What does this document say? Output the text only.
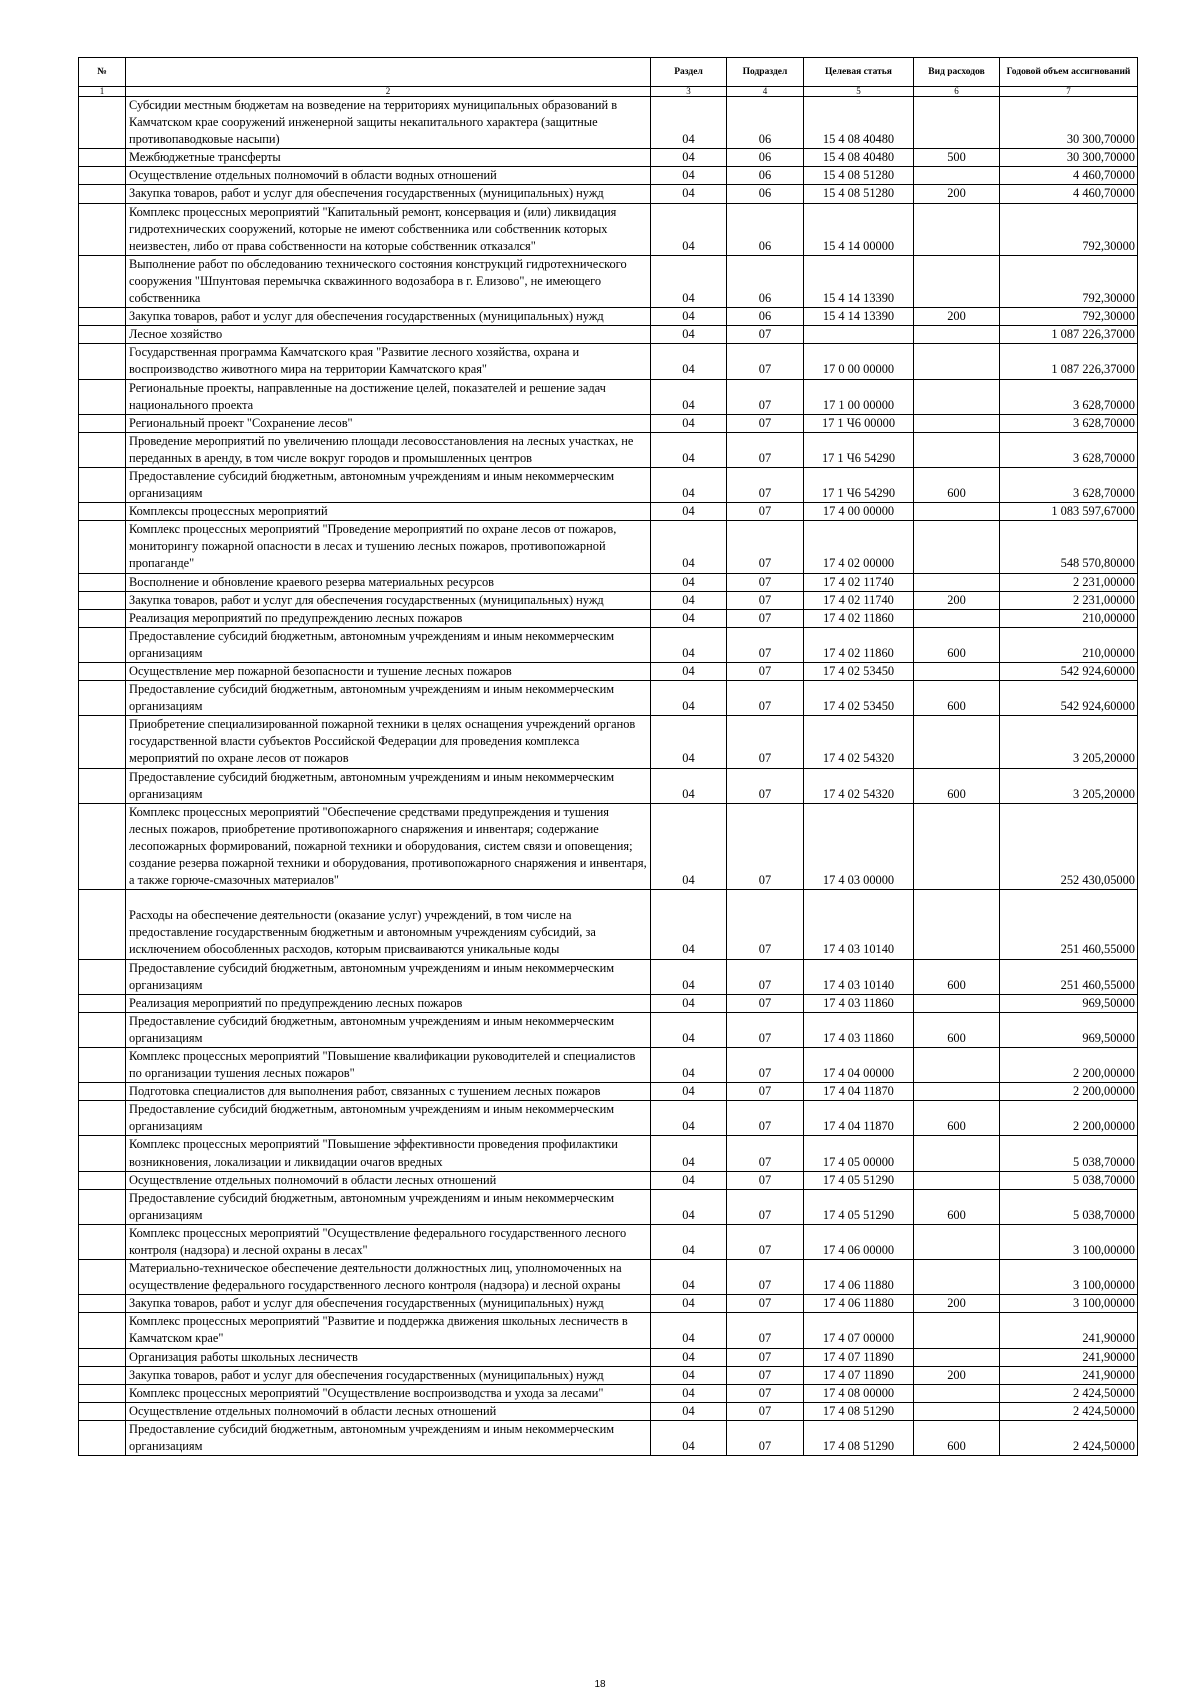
№		Раздел	Подраздел	Целевая статья	Вид расходов	Годовой объем ассигнований
1	2	3	4	5	6	7
	Субсидии местным бюджетам на возведение на территориях муниципальных образований в Камчатском крае сооружений инженерной защиты некапитального характера (защитные противопаводковые насыпи)	04	06	15 4 08 40480		30 300,70000
	Межбюджетные трансферты	04	06	15 4 08 40480	500	30 300,70000
	Осуществление отдельных полномочий в области водных отношений	04	06	15 4 08 51280		4 460,70000
	Закупка товаров, работ и услуг для обеспечения государственных (муниципальных) нужд	04	06	15 4 08 51280	200	4 460,70000
	Комплекс процессных мероприятий "Капитальный ремонт, консервация и (или) ликвидация гидротехнических сооружений, которые не имеют собственника или собственник которых неизвестен, либо от права собственности на которые собственник отказался"	04	06	15 4 14 00000		792,30000
	Выполнение работ по обследованию технического состояния конструкций гидротехнического сооружения "Шпунтовая перемычка скважинного водозабора в г. Елизово", не имеющего собственника	04	06	15 4 14 13390		792,30000
	Закупка товаров, работ и услуг для обеспечения государственных (муниципальных) нужд	04	06	15 4 14 13390	200	792,30000
	Лесное хозяйство	04	07			1 087 226,37000
	Государственная программа Камчатского края "Развитие лесного хозяйства, охрана и воспроизводство животного мира на территории Камчатского края"	04	07	17 0 00 00000		1 087 226,37000
	Региональные проекты, направленные на достижение целей, показателей и решение задач национального проекта	04	07	17 1 00 00000		3 628,70000
	Региональный проект "Сохранение лесов"	04	07	17 1 Ч6 00000		3 628,70000
	Проведение мероприятий по увеличению площади лесовосстановления на лесных участках, не переданных в аренду, в том числе вокруг городов и промышленных центров	04	07	17 1 Ч6 54290		3 628,70000
	Предоставление субсидий бюджетным, автономным учреждениям и иным некоммерческим организациям	04	07	17 1 Ч6 54290	600	3 628,70000
	Комплексы процессных мероприятий	04	07	17 4 00 00000		1 083 597,67000
	Комплекс процессных мероприятий "Проведение мероприятий по охране лесов от пожаров, мониторингу пожарной опасности в лесах и тушению лесных пожаров, противопожарной пропаганде"	04	07	17 4 02 00000		548 570,80000
	Восполнение и обновление краевого резерва материальных ресурсов	04	07	17 4 02 11740		2 231,00000
	Закупка товаров, работ и услуг для обеспечения государственных (муниципальных) нужд	04	07	17 4 02 11740	200	2 231,00000
	Реализация мероприятий по предупреждению лесных пожаров	04	07	17 4 02 11860		210,00000
	Предоставление субсидий бюджетным, автономным учреждениям и иным некоммерческим организациям	04	07	17 4 02 11860	600	210,00000
	Осуществление мер пожарной безопасности и тушение лесных пожаров	04	07	17 4 02 53450		542 924,60000
	Предоставление субсидий бюджетным, автономным учреждениям и иным некоммерческим организациям	04	07	17 4 02 53450	600	542 924,60000
	Приобретение специализированной пожарной техники в целях оснащения учреждений органов государственной власти субъектов Российской Федерации для проведения комплекса мероприятий по охране лесов от пожаров	04	07	17 4 02 54320		3 205,20000
	Предоставление субсидий бюджетным, автономным учреждениям и иным некоммерческим организациям	04	07	17 4 02 54320	600	3 205,20000
	Комплекс процессных мероприятий "Обеспечение средствами предупреждения и тушения лесных пожаров, приобретение противопожарного снаряжения и инвентаря; содержание лесопожарных формирований, пожарной техники и оборудования, систем связи и оповещения; создание резерва пожарной техники и оборудования, противопожарного снаряжения и инвентаря, а также горюче-смазочных материалов"	04	07	17 4 03 00000		252 430,05000
	Расходы на обеспечение деятельности (оказание услуг) учреждений, в том числе на предоставление государственным бюджетным и автономным учреждениям субсидий, за исключением обособленных расходов, которым присваиваются уникальные коды	04	07	17 4 03 10140		251 460,55000
	Предоставление субсидий бюджетным, автономным учреждениям и иным некоммерческим организациям	04	07	17 4 03 10140	600	251 460,55000
	Реализация мероприятий по предупреждению лесных пожаров	04	07	17 4 03 11860		969,50000
	Предоставление субсидий бюджетным, автономным учреждениям и иным некоммерческим организациям	04	07	17 4 03 11860	600	969,50000
	Комплекс процессных мероприятий "Повышение квалификации руководителей и специалистов по организации тушения лесных пожаров"	04	07	17 4 04 00000		2 200,00000
	Подготовка специалистов для выполнения работ, связанных с тушением лесных пожаров	04	07	17 4 04 11870		2 200,00000
	Предоставление субсидий бюджетным, автономным учреждениям и иным некоммерческим организациям	04	07	17 4 04 11870	600	2 200,00000
	Комплекс процессных мероприятий "Повышение эффективности проведения профилактики возникновения, локализации и ликвидации очагов вредных	04	07	17 4 05 00000		5 038,70000
	Осуществление отдельных полномочий в области лесных отношений	04	07	17 4 05 51290		5 038,70000
	Предоставление субсидий бюджетным, автономным учреждениям и иным некоммерческим организациям	04	07	17 4 05 51290	600	5 038,70000
	Комплекс процессных мероприятий "Осуществление федерального государственного лесного контроля (надзора) и лесной охраны в лесах"	04	07	17 4 06 00000		3 100,00000
	Материально-техническое обеспечение деятельности должностных лиц, уполномоченных на осуществление федерального государственного лесного контроля (надзора) и лесной охраны	04	07	17 4 06 11880		3 100,00000
	Закупка товаров, работ и услуг для обеспечения государственных (муниципальных) нужд	04	07	17 4 06 11880	200	3 100,00000
	Комплекс процессных мероприятий "Развитие и поддержка движения школьных лесничеств в Камчатском крае"	04	07	17 4 07 00000		241,90000
	Организация работы школьных лесничеств	04	07	17 4 07 11890		241,90000
	Закупка товаров, работ и услуг для обеспечения государственных (муниципальных) нужд	04	07	17 4 07 11890	200	241,90000
	Комплекс процессных мероприятий "Осуществление воспроизводства и ухода за лесами"	04	07	17 4 08 00000		2 424,50000
	Осуществление отдельных полномочий в области лесных отношений	04	07	17 4 08 51290		2 424,50000
	Предоставление субсидий бюджетным, автономным учреждениям и иным некоммерческим организациям	04	07	17 4 08 51290	600	2 424,50000
18
